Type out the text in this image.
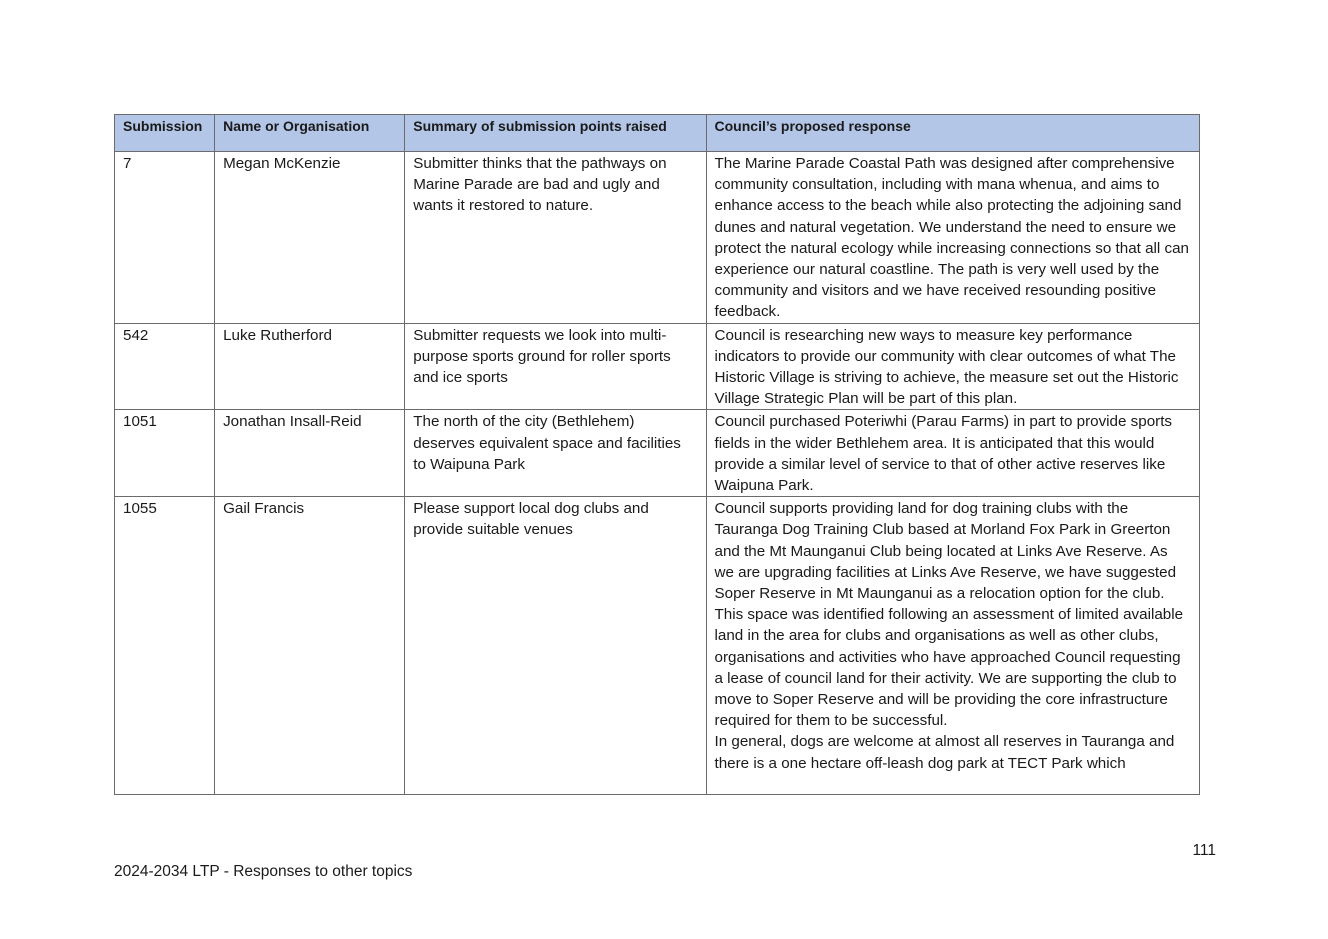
Submission	Name or Organisation	Summary of submission points raised	Council’s proposed response
7	Megan McKenzie	Submitter thinks that the pathways on Marine Parade are bad and ugly and wants it restored to nature.	The Marine Parade Coastal Path was designed after comprehensive community consultation, including with mana whenua, and aims to enhance access to the beach while also protecting the adjoining sand dunes and natural vegetation. We understand the need to ensure we protect the natural ecology while increasing connections so that all can experience our natural coastline. The path is very well used by the community and visitors and we have received resounding positive feedback.

542	Luke Rutherford	Submitter requests we look into multi-purpose sports ground for roller sports and ice sports	Council is researching new ways to measure key performance indicators to provide our community with clear outcomes of what The Historic Village is striving to achieve, the measure set out the Historic Village Strategic Plan will be part of this plan.

1051	Jonathan Insall-Reid	The north of the city (Bethlehem) deserves equivalent space and facilities to Waipuna Park	Council purchased Poteriwhi (Parau Farms) in part to provide sports fields in the wider Bethlehem area. It is anticipated that this would provide a similar level of service to that of other active reserves like Waipuna Park.

1055	Gail Francis	Please support local dog clubs and provide suitable venues	Council supports providing land for dog training clubs with the Tauranga Dog Training Club based at Morland Fox Park in Greerton and the Mt Maunganui Club being located at Links Ave Reserve. As we are upgrading facilities at Links Ave Reserve, we have suggested Soper Reserve in Mt Maunganui as a relocation option for the club. This space was identified following an assessment of limited available land in the area for clubs and organisations as well as other clubs, organisations and activities who have approached Council requesting a lease of council land for their activity. We are supporting the club to move to Soper Reserve and will be providing the core infrastructure required for them to be successful.

In general, dogs are welcome at almost all reserves in Tauranga and there is a one hectare off-leash dog park at TECT Park which

111
2024-2034 LTP - Responses to other topics
